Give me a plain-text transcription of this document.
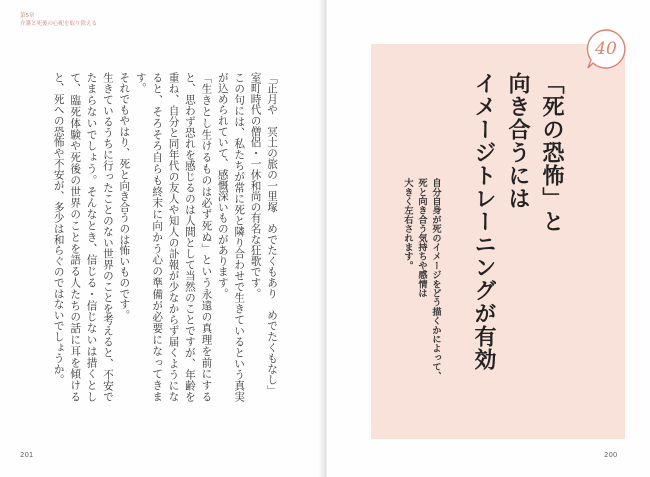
第5章
介護と死後の心配を取り除える

「正月や　冥土の旅の一里塚　めでたくもあり　めでたくもなし」

室町時代の僧侶・一休和尚の有名な狂歌です。

この句には、私たちが常に死と隣り合わせで生きているという真実が込められていて、感慨深いものがあります。

「生きとし生けるものは必ず死ぬ」という永遠の真理を前にすると、思わず恐れを感じるのは人間として当然のことですが、年齢を重ね、自分と同年代の友人や知人の訃報が少なからず届くようになると、そろそろ自らも終末に向かう心の準備が必要になってきます。

それでもやはり、死と向き合うのは怖いものです。

生きているうちに行ったことのない世界のことを考えると、不安でたまらないでしょう。そんなとき、信じる・信じないは措くとして、臨死体験や死後の世界のことを語る人たちの話に耳を傾けると、死への恐怖や不安が、多少は和らぐのではないでしょうか。

201
40
「死の恐怖」と
向き合うには
イメージトレーニングが有効
自分自身が死のイメージをどう描くかによって、
死と向き合う気持ちや感情は
大きく左右されます。
200
